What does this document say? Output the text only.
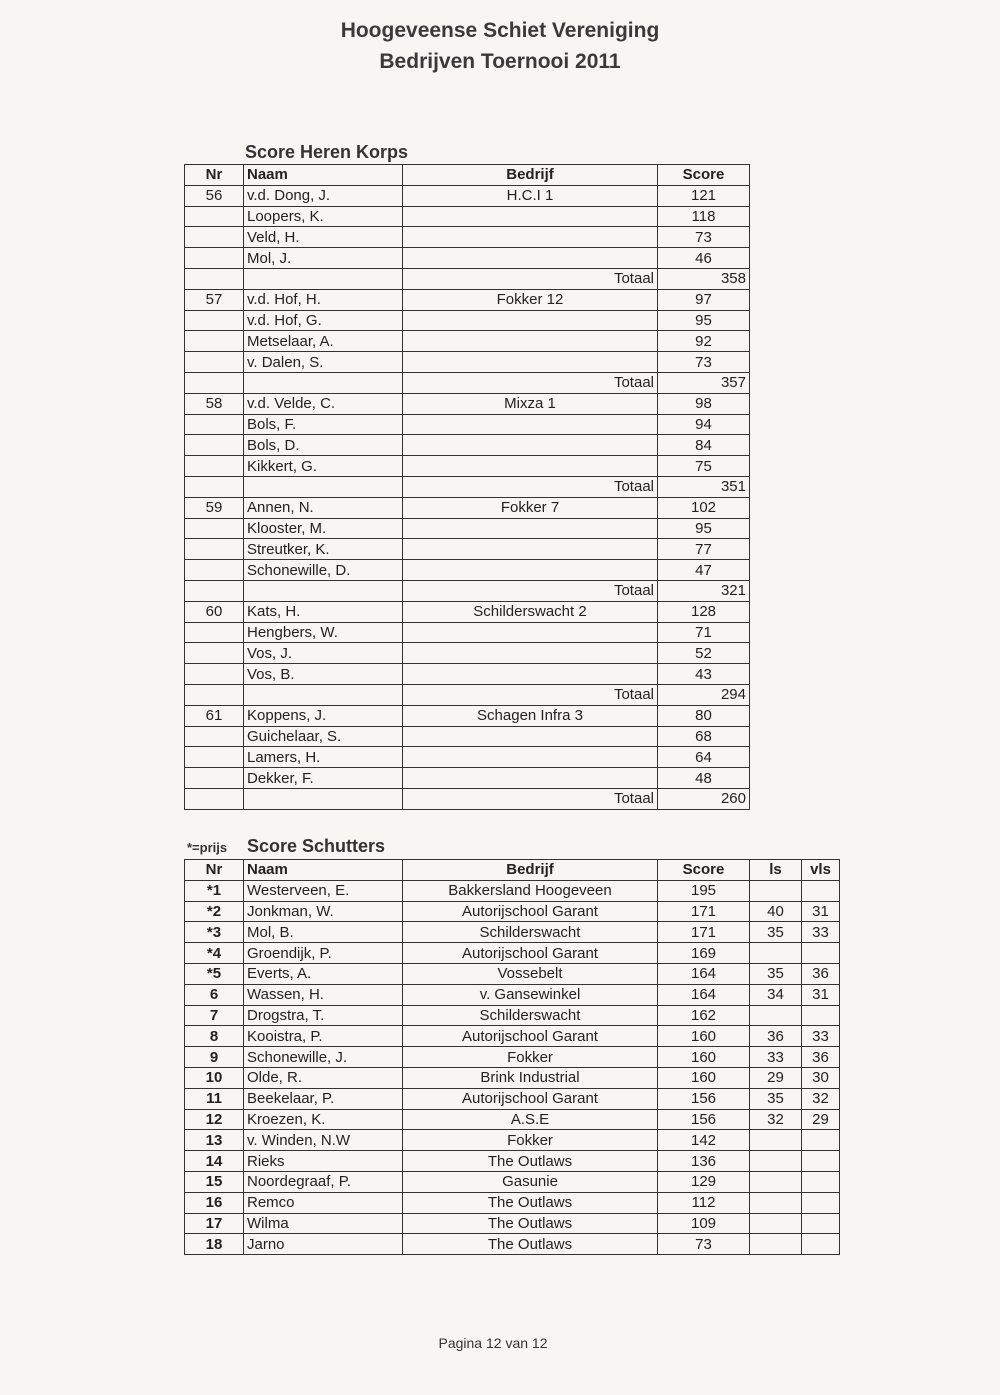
Hoogeveense Schiet Vereniging
Bedrijven Toernooi 2011
Score Heren Korps
Nr	Naam	Bedrijf	Score
56	v.d. Dong, J.	H.C.I 1	121
	Loopers, K.		118
	Veld, H.		73
	Mol, J.		46
		Totaal	358
57	v.d. Hof, H.	Fokker 12	97
	v.d. Hof, G.		95
	Metselaar, A.		92
	v. Dalen, S.		73
		Totaal	357
58	v.d. Velde, C.	Mixza 1	98
	Bols, F.		94
	Bols, D.		84
	Kikkert, G.		75
		Totaal	351
59	Annen, N.	Fokker 7	102
	Klooster, M.		95
	Streutker, K.		77
	Schonewille, D.		47
		Totaal	321
60	Kats, H.	Schilderswacht 2	128
	Hengbers, W.		71
	Vos, J.		52
	Vos, B.		43
		Totaal	294
61	Koppens, J.	Schagen Infra 3	80
	Guichelaar, S.		68
	Lamers, H.		64
	Dekker, F.		48
		Totaal	260
*=prijs Score Schutters
Nr	Naam	Bedrijf	Score	ls	vls
*1	Westerveen, E.	Bakkersland Hoogeveen	195		
*2	Jonkman, W.	Autorijschool Garant	171	40	31
*3	Mol, B.	Schilderswacht	171	35	33
*4	Groendijk, P.	Autorijschool Garant	169		
*5	Everts, A.	Vossebelt	164	35	36
6	Wassen, H.	v. Gansewinkel	164	34	31
7	Drogstra, T.	Schilderswacht	162		
8	Kooistra, P.	Autorijschool Garant	160	36	33
9	Schonewille, J.	Fokker	160	33	36
10	Olde, R.	Brink Industrial	160	29	30
11	Beekelaar, P.	Autorijschool Garant	156	35	32
12	Kroezen, K.	A.S.E	156	32	29
13	v. Winden, N.W	Fokker	142		
14	Rieks	The Outlaws	136		
15	Noordegraaf, P.	Gasunie	129		
16	Remco	The Outlaws	112		
17	Wilma	The Outlaws	109		
18	Jarno	The Outlaws	73		
Pagina 12 van 12
